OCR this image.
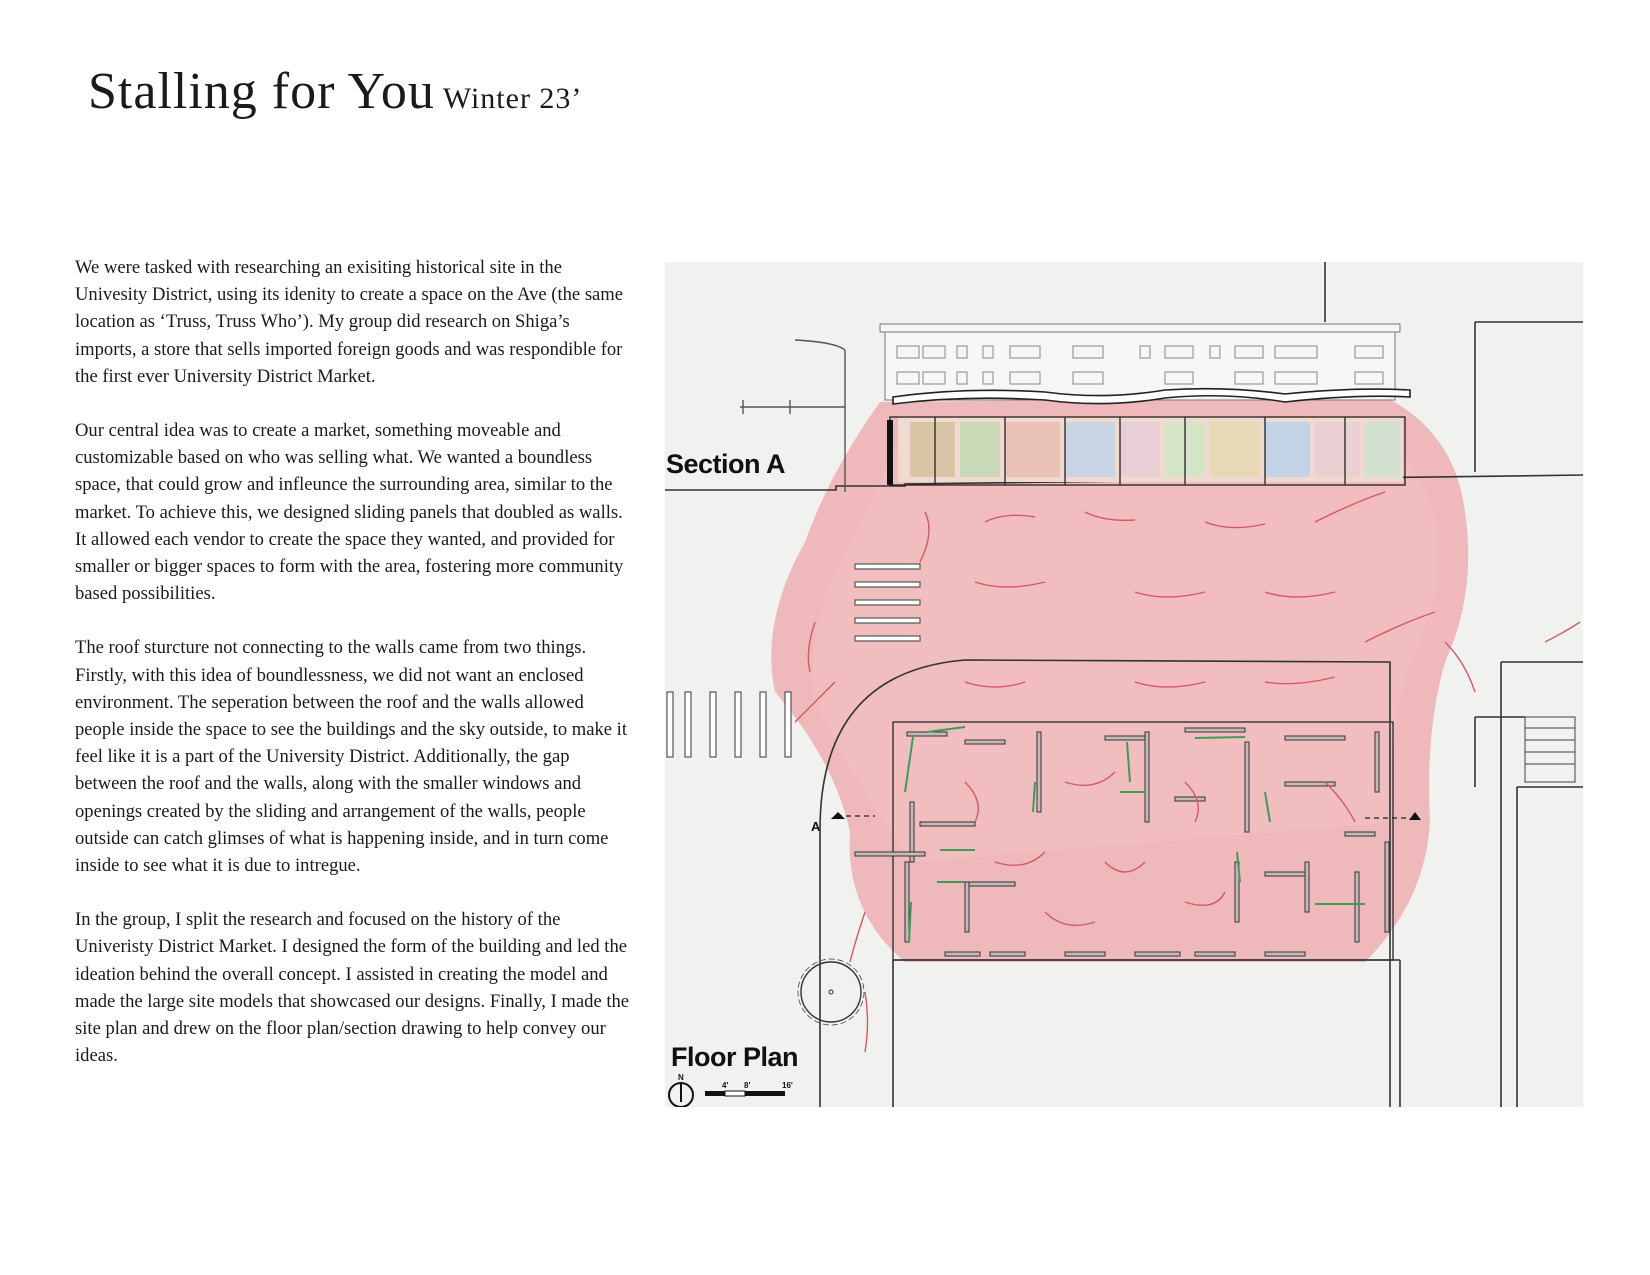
Stalling for You Winter 23’

We were tasked with researching an exisiting historical site in the Univesity District, using its idenity to create a space on the Ave (the same location as ‘Truss, Truss Who’). My group did research on Shiga’s imports, a store that sells imported foreign goods and was respondible for the first ever University District Market.

Our central idea was to create a market, something moveable and customizable based on who was selling what. We wanted a boundless space, that could grow and infleunce the surrounding area, similar to the market. To achieve this, we designed sliding panels that doubled as walls. It allowed each vendor to create the space they wanted, and provided for smaller or bigger spaces to form with the area, fostering more community based possibilities.

The roof sturcture not connecting to the walls came from two things. Firstly, with this idea of boundlessness, we did not want an enclosed environment. The seperation between the roof and the walls allowed people inside the space to see the buildings and the sky outside, to make it feel like it is a part of the University District. Additionally, the gap between the roof and the walls, along with the smaller windows and openings created by the sliding and arrangement of the walls, people outside can catch glimses of what is happening inside, and in turn come inside to see what it is due to intregue.

In the group, I split the research and focused on the history of the Univeristy District Market. I designed the form of the building and led the ideation behind the overall concept. I assisted in creating the model and made the large site models that showcased our designs. Finally, I made the site plan and drew on the floor plan/section drawing to help convey our ideas.

Section A
Floor Plan
A
N
4' 8'	16'
